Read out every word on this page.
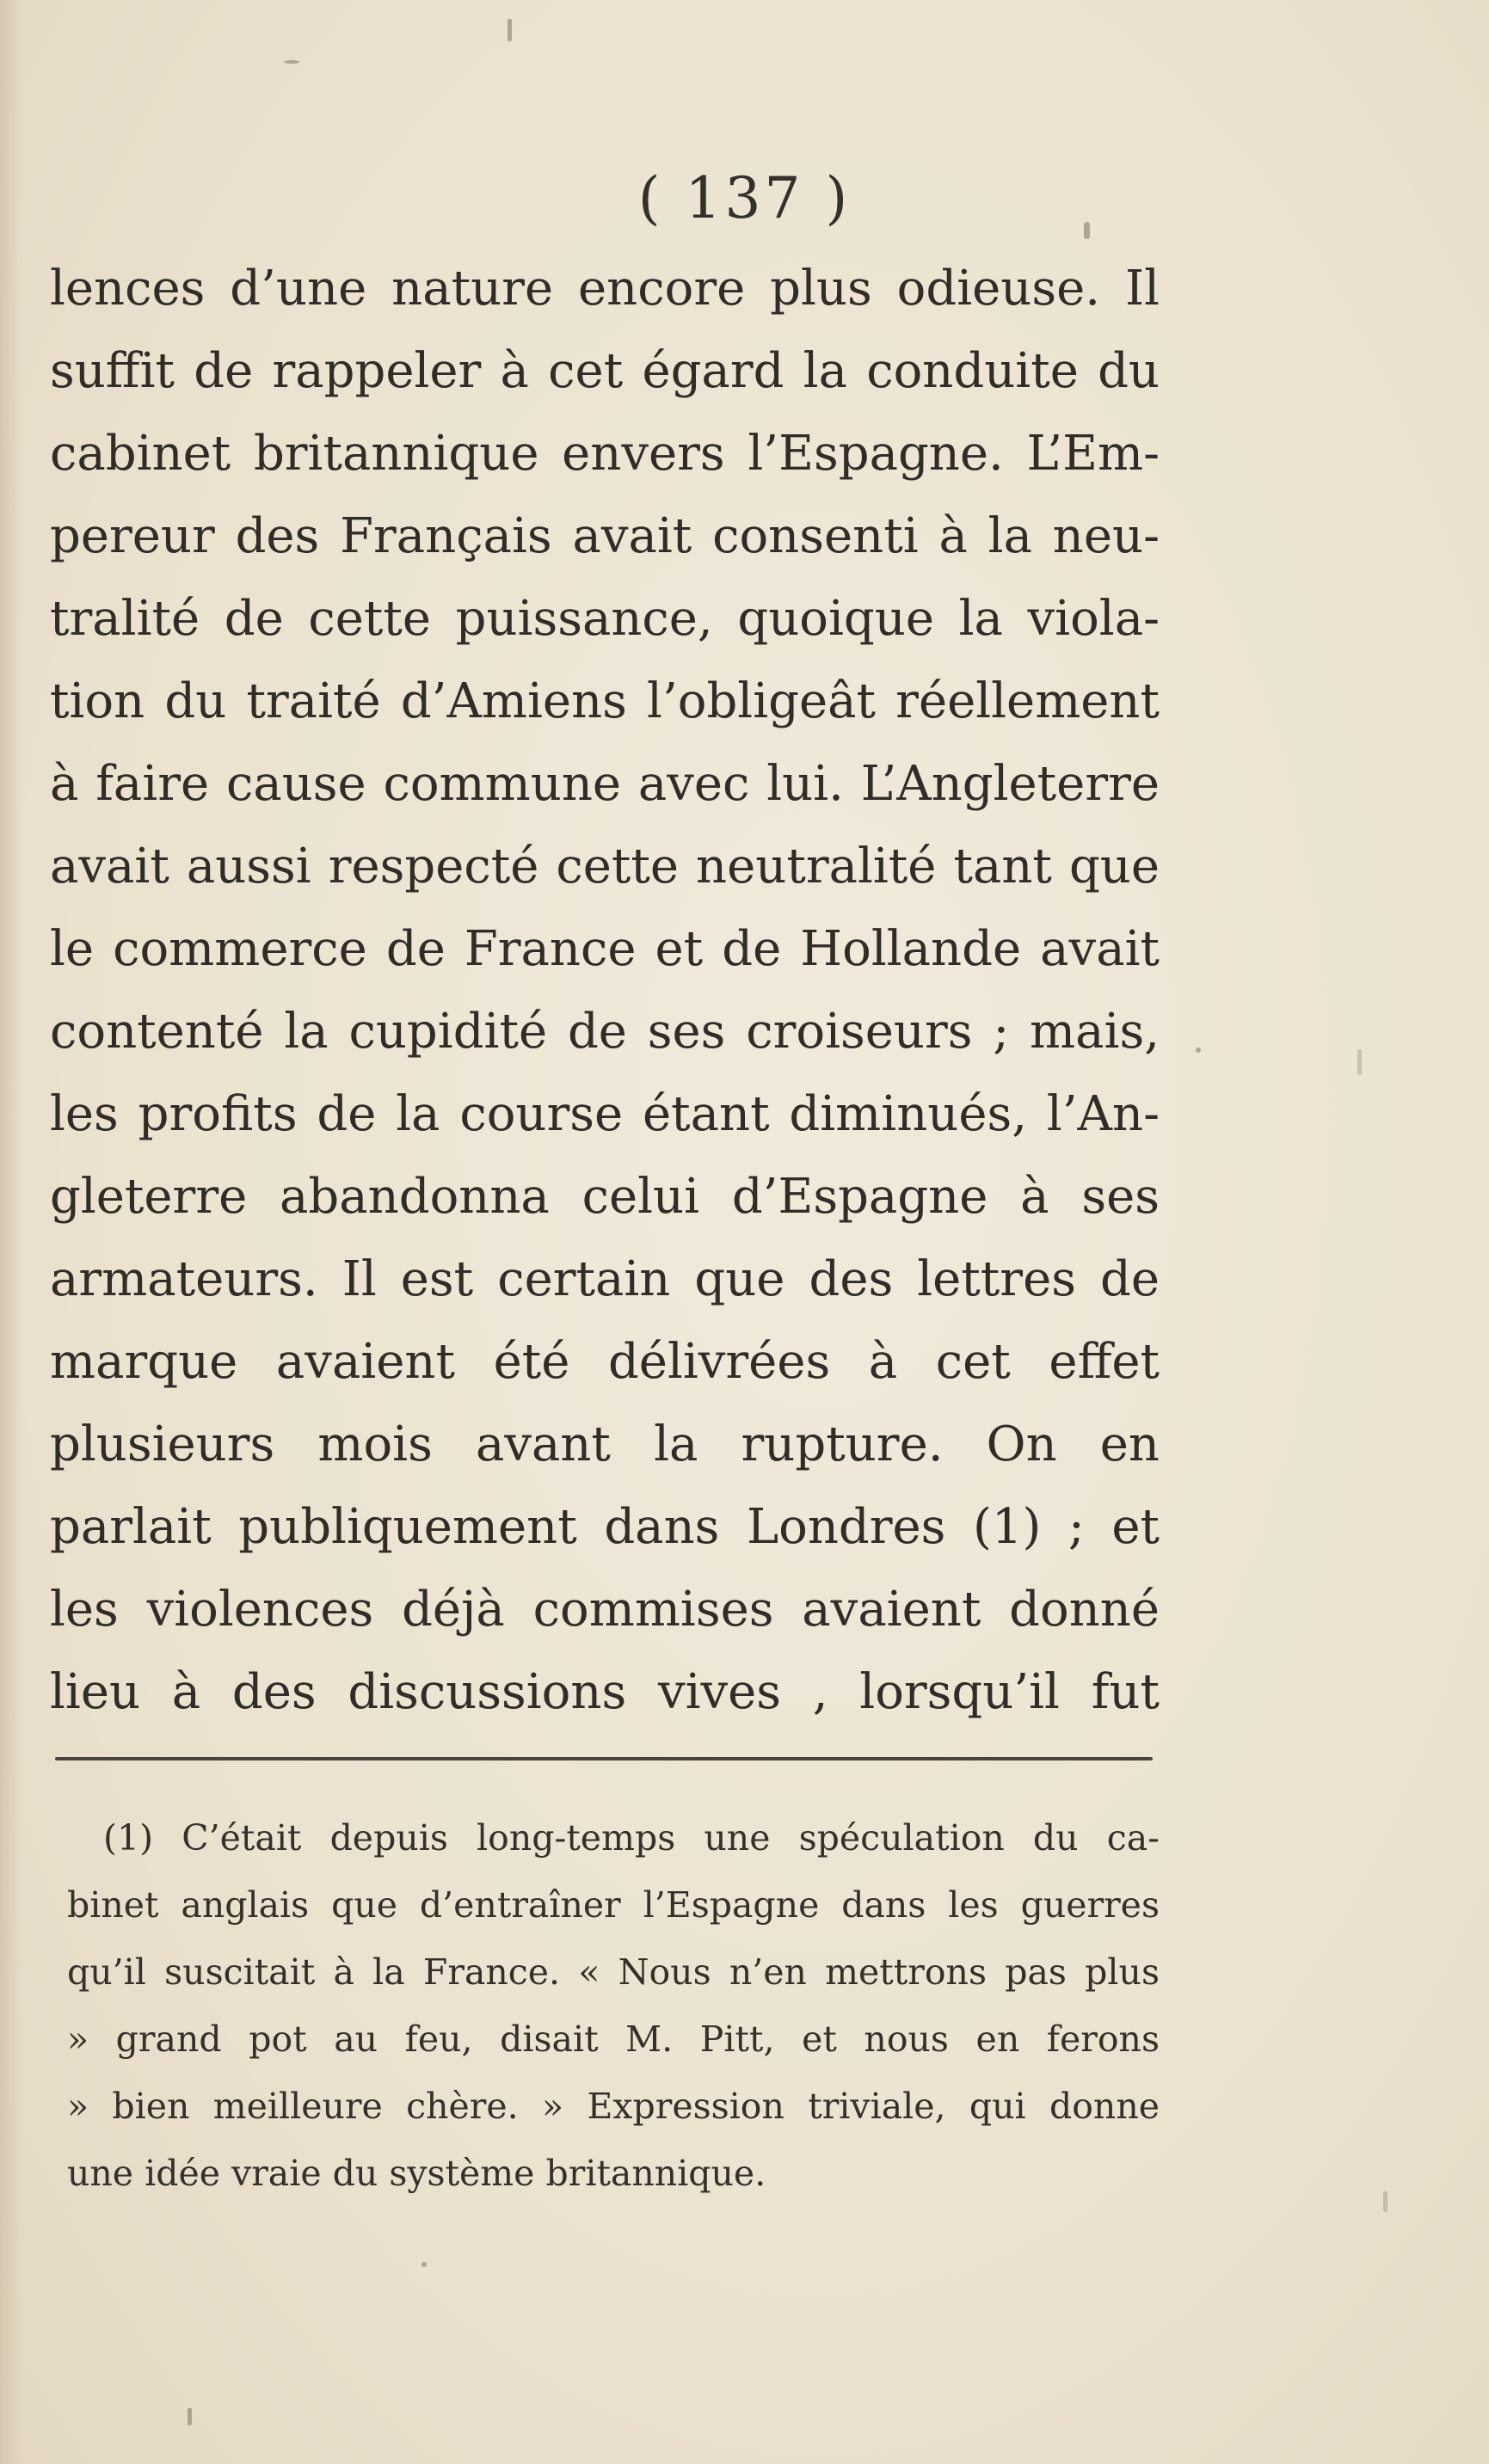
( 137 )
lences d’une nature encore plus odieuse. Il
suffit de rappeler à cet égard la conduite du
cabinet britannique envers l’Espagne. L’Em-
pereur des Français avait consenti à la neu-
tralité de cette puissance, quoique la viola-
tion du traité d’Amiens l’obligeât réellement
à faire cause commune avec lui. L’Angleterre
avait aussi respecté cette neutralité tant que
le commerce de France et de Hollande avait
contenté la cupidité de ses croiseurs ; mais,
les profits de la course étant diminués, l’An-
gleterre abandonna celui d’Espagne à ses
armateurs. Il est certain que des lettres de
marque avaient été délivrées à cet effet
plusieurs mois avant la rupture. On en
parlait publiquement dans Londres (1) ; et
les violences déjà commises avaient donné
lieu à des discussions vives , lorsqu’il fut
(1) C’était depuis long-temps une spéculation du ca-
binet anglais que d’entraîner l’Espagne dans les guerres
qu’il suscitait à la France. « Nous n’en mettrons pas plus
» grand pot au feu, disait M. Pitt, et nous en ferons
» bien meilleure chère. » Expression triviale, qui donne
une idée vraie du système britannique.
